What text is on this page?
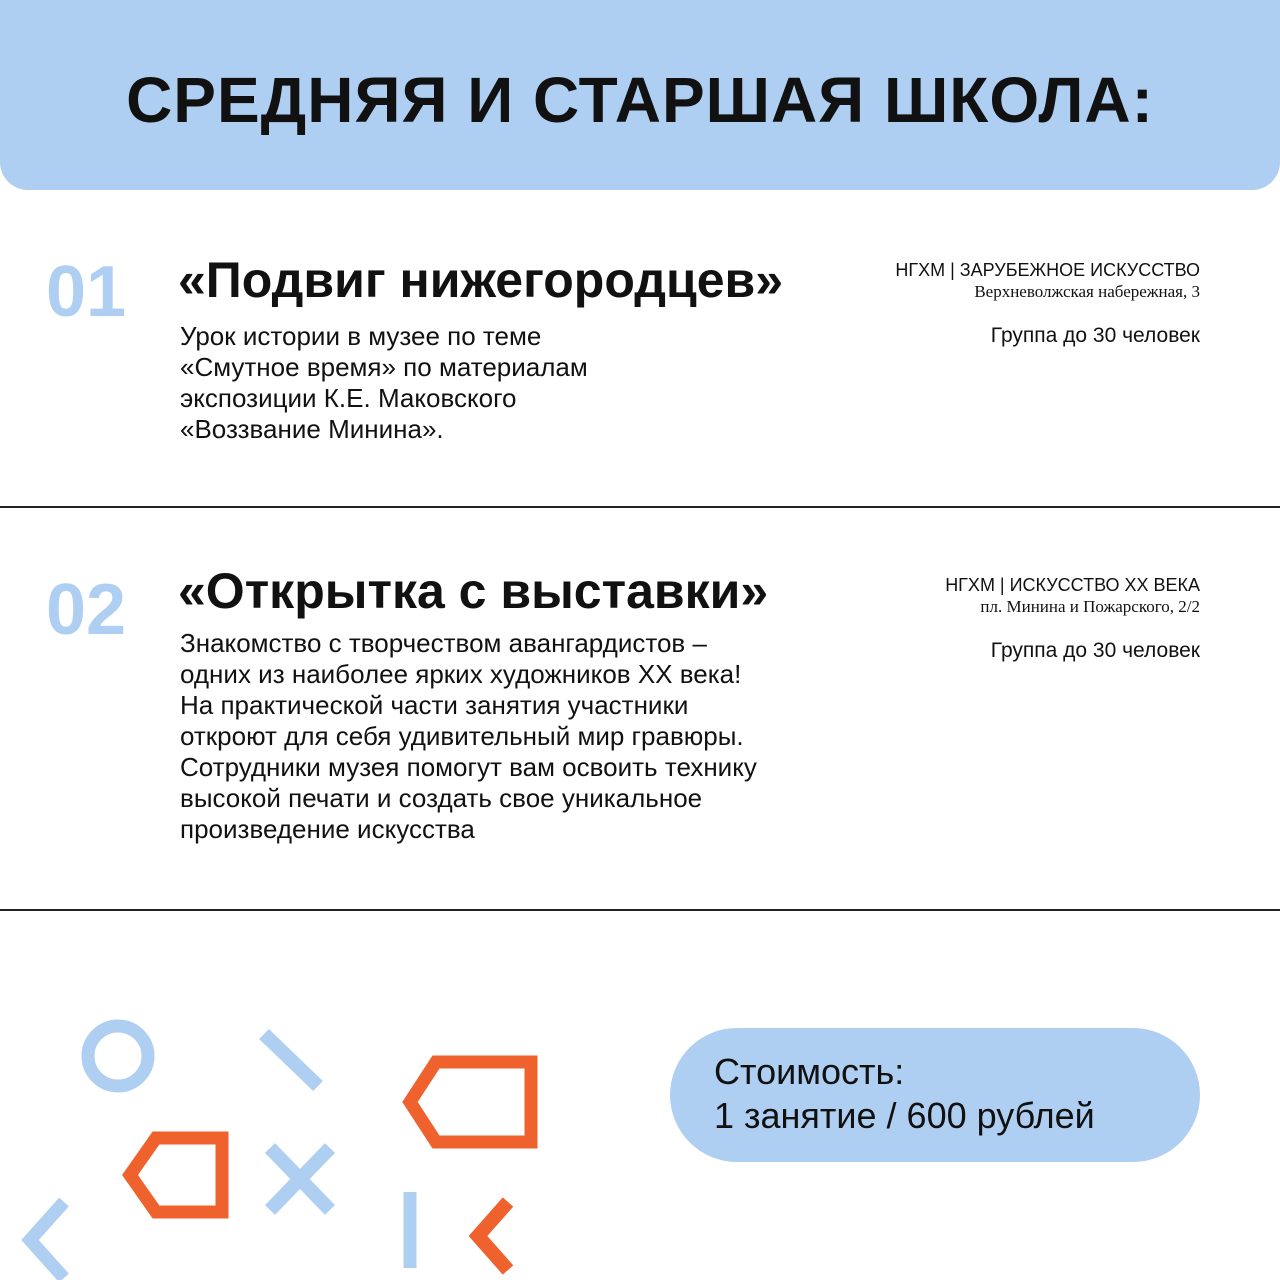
СРЕДНЯЯ И СТАРШАЯ ШКОЛА:
01 «Подвиг нижегородцев»
Урок истории в музее по теме
«Смутное время» по материалам
экспозиции К.Е. Маковского
«Воззвание Минина».
НГХМ | ЗАРУБЕЖНОЕ ИСКУССТВО
Верхневолжская набережная, 3
Группа до 30 человек
02 «Открытка с выставки»
Знакомство с творчеством авангардистов –
одних из наиболее ярких художников XX века!
На практической части занятия участники
откроют для себя удивительный мир гравюры.
Сотрудники музея помогут вам освоить технику
высокой печати и создать свое уникальное
произведение искусства
НГХМ | ИСКУССТВО XX ВЕКА
пл. Минина и Пожарского, 2/2
Группа до 30 человек
Стоимость:
1 занятие / 600 рублей
